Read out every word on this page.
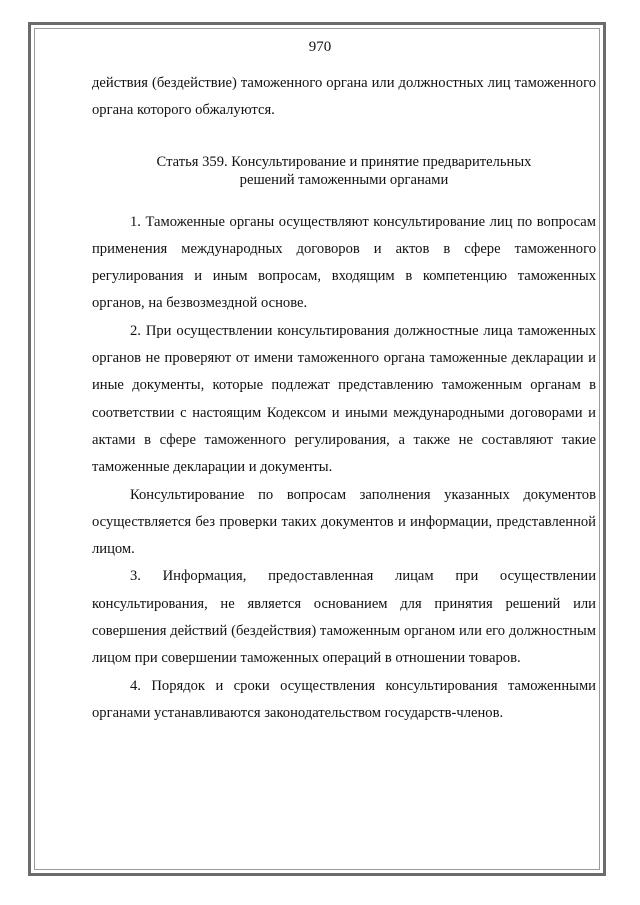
970

действия (бездействие) таможенного органа или должностных лиц таможенного органа которого обжалуются.

Статья 359. Консультирование и принятие предварительных
решений таможенными органами

1. Таможенные органы осуществляют консультирование лиц по вопросам применения международных договоров и актов в сфере таможенного регулирования и иным вопросам, входящим в компетенцию таможенных органов, на безвозмездной основе.

2. При осуществлении консультирования должностные лица таможенных органов не проверяют от имени таможенного органа таможенные декларации и иные документы, которые подлежат представлению таможенным органам в соответствии с настоящим Кодексом и иными международными договорами и актами в сфере таможенного регулирования, а также не составляют такие таможенные декларации и документы.

Консультирование по вопросам заполнения указанных документов осуществляется без проверки таких документов и информации, представленной лицом.

3. Информация, предоставленная лицам при осуществлении консультирования, не является основанием для принятия решений или совершения действий (бездействия) таможенным органом или его должностным лицом при совершении таможенных операций в отношении товаров.

4. Порядок и сроки осуществления консультирования таможенными органами устанавливаются законодательством государств-членов.
